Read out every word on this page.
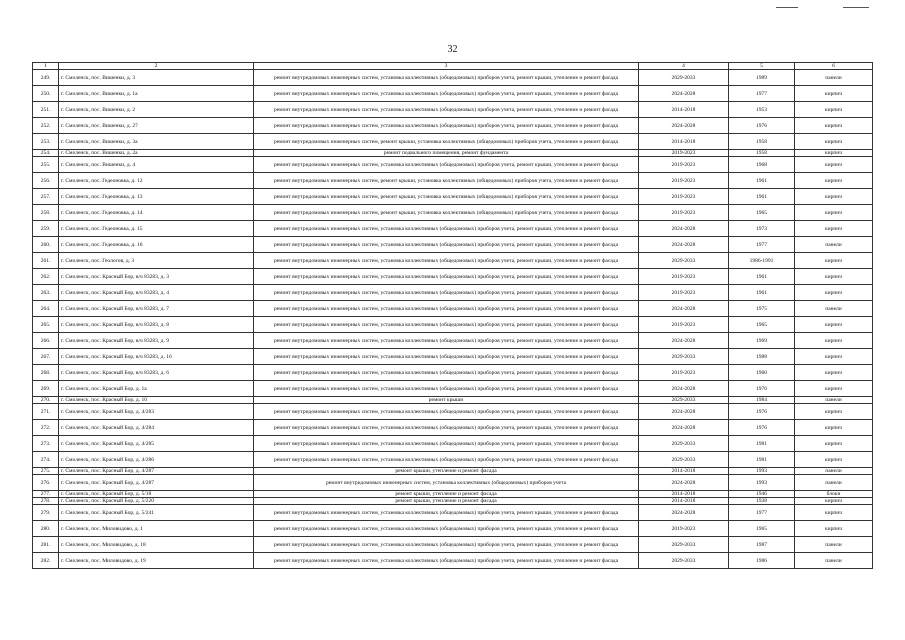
32
1	2	3	4	5	6
249.	г. Смоленск, пос. Вишенки, д. 3	ремонт внутридомовых инженерных систем, установка коллективных (общедомовых) приборов учета, ремонт крыши, утепление и ремонт фасада	2029-2033	1989	панели
250.	г. Смоленск, пос. Вишенки, д. 1а	ремонт внутридомовых инженерных систем, установка коллективных (общедомовых) приборов учета, ремонт крыши, утепление и ремонт фасада	2024-2028	1977	кирпич
251.	г. Смоленск, пос. Вишенки, д. 2	ремонт внутридомовых инженерных систем, установка коллективных (общедомовых) приборов учета, ремонт крыши, утепление и ремонт фасада	2014-2018	1953	кирпич
252.	г. Смоленск, пос. Вишенки, д. 27	ремонт внутридомовых инженерных систем, установка коллективных (общедомовых) приборов учета, ремонт крыши, утепление и ремонт фасада	2024-2028	1976	кирпич
253.	г. Смоленск, пос. Вишенки, д. 3а	ремонт внутридомовых инженерных систем, ремонт крыши, установка коллективных (общедомовых) приборов учета, утепление и ремонт фасада	2014-2018	1958	кирпич
254.	г. Смоленск, пос. Вишенки, д. 2а	ремонт подвального помещения, ремонт фундамента	2019-2023	1958	кирпич
255.	г. Смоленск, пос. Вишенки, д. 4	ремонт внутридомовых инженерных систем, установка коллективных (общедомовых) приборов учета, ремонт крыши, утепление и ремонт фасада	2019-2023	1968	кирпич
256.	г. Смоленск, пос. Гедеоновка, д. 12	ремонт внутридомовых инженерных систем, ремонт крыши, установка коллективных (общедомовых) приборов учета, утепление и ремонт фасада	2019-2023	1961	кирпич
257.	г. Смоленск, пос. Гедеоновка, д. 13	ремонт внутридомовых инженерных систем, ремонт крыши, установка коллективных (общедомовых) приборов учета, утепление и ремонт фасада	2019-2023	1961	кирпич
258.	г. Смоленск, пос. Гедеоновка, д. 14	ремонт внутридомовых инженерных систем, ремонт крыши, установка коллективных (общедомовых) приборов учета, утепление и ремонт фасада	2019-2023	1965	кирпич
259.	г. Смоленск, пос. Гедеоновка, д. 15	ремонт внутридомовых инженерных систем, установка коллективных (общедомовых) приборов учета, ремонт крыши, утепление и ремонт фасада	2024-2028	1973	кирпич
260.	г. Смоленск, пос. Гедеоновка, д. 16	ремонт внутридомовых инженерных систем, установка коллективных (общедомовых) приборов учета, ремонт крыши, утепление и ремонт фасада	2024-2028	1977	панели
261.	г. Смоленск, пос. Геологов, д. 3	ремонт внутридомовых инженерных систем, установка коллективных (общедомовых) приборов учета, ремонт крыши, утепление и ремонт фасада	2029-2033	1986-1991	кирпич
262.	г. Смоленск, пос. Красный Бор, в/ч 83283, д. 3	ремонт внутридомовых инженерных систем, установка коллективных (общедомовых) приборов учета, ремонт крыши, утепление и ремонт фасада	2019-2023	1961	кирпич
263.	г. Смоленск, пос. Красный Бор, в/ч 83283, д. 4	ремонт внутридомовых инженерных систем, установка коллективных (общедомовых) приборов учета, ремонт крыши, утепление и ремонт фасада	2019-2023	1961	кирпич
264.	г. Смоленск, пос. Красный Бор, в/ч 83283, д. 7	ремонт внутридомовых инженерных систем, установка коллективных (общедомовых) приборов учета, ремонт крыши, утепление и ремонт фасада	2024-2028	1975	панели
265.	г. Смоленск, пос. Красный Бор, в/ч 83283, д. 8	ремонт внутридомовых инженерных систем, установка коллективных (общедомовых) приборов учета, ремонт крыши, утепление и ремонт фасада	2019-2023	1965	кирпич
266.	г. Смоленск, пос. Красный Бор, в/ч 83283, д. 9	ремонт внутридомовых инженерных систем, установка коллективных (общедомовых) приборов учета, ремонт крыши, утепление и ремонт фасада	2024-2028	1969	кирпич
267.	г. Смоленск, пос. Красный Бор, в/ч 83283, д. 16	ремонт внутридомовых инженерных систем, установка коллективных (общедомовых) приборов учета, ремонт крыши, утепление и ремонт фасада	2029-2033	1988	кирпич
268.	г. Смоленск, пос. Красный Бор, в/ч 83283, д. 6	ремонт внутридомовых инженерных систем, установка коллективных (общедомовых) приборов учета, ремонт крыши, утепление и ремонт фасада	2019-2023	1960	кирпич
269.	г. Смоленск, пос. Красный Бор, д. 1а	ремонт внутридомовых инженерных систем, установка коллективных (общедомовых) приборов учета, ремонт крыши, утепление и ремонт фасада	2024-2028	1976	кирпич
270.	г. Смоленск, пос. Красный Бор, д. 10	ремонт крыши	2029-2033	1984	панели
271.	г. Смоленск, пос. Красный Бор, д. 4/283	ремонт внутридомовых инженерных систем, установка коллективных (общедомовых) приборов учета, ремонт крыши, утепление и ремонт фасада	2024-2028	1976	кирпич
272.	г. Смоленск, пос. Красный Бор, д. 4/284	ремонт внутридомовых инженерных систем, установка коллективных (общедомовых) приборов учета, ремонт крыши, утепление и ремонт фасада	2024-2028	1976	кирпич
273.	г. Смоленск, пос. Красный Бор, д. 4/285	ремонт внутридомовых инженерных систем, установка коллективных (общедомовых) приборов учета, ремонт крыши, утепление и ремонт фасада	2029-2033	1981	кирпич
274.	г. Смоленск, пос. Красный Бор, д. 4/286	ремонт внутридомовых инженерных систем, установка коллективных (общедомовых) приборов учета, ремонт крыши, утепление и ремонт фасада	2029-2033	1981	кирпич
275.	г. Смоленск, пос. Красный Бор, д. 4/287	ремонт крыши, утепление и ремонт фасада	2014-2018	1993	панели
276.	г. Смоленск, пос. Красный Бор, д. 4/287	ремонт внутридомовых инженерных систем, установка коллективных (общедомовых) приборов учета	2024-2028	1993	панели
277.	г. Смоленск, пос. Красный Бор, д. 5/18	ремонт крыши, утепление и ремонт фасада	2014-2018	1946	блоки
278.	г. Смоленск, пос. Красный Бор, д. 5/220	ремонт крыши, утепление и ремонт фасада	2014-2018	1938	кирпич
279.	г. Смоленск, пос. Красный Бор, д. 5/241	ремонт внутридомовых инженерных систем, установка коллективных (общедомовых) приборов учета, ремонт крыши, утепление и ремонт фасада	2024-2028	1977	кирпич
280.	г. Смоленск, пос. Миловидово, д. 1	ремонт внутридомовых инженерных систем, установка коллективных (общедомовых) приборов учета, ремонт крыши, утепление и ремонт фасада	2019-2023	1965	кирпич
281.	г. Смоленск, пос. Миловидово, д. 18	ремонт внутридомовых инженерных систем, установка коллективных (общедомовых) приборов учета, ремонт крыши, утепление и ремонт фасада	2029-2033	1987	панели
282.	г. Смоленск, пос. Миловидово, д. 19	ремонт внутридомовых инженерных систем, установка коллективных (общедомовых) приборов учета, ремонт крыши, утепление и ремонт фасада	2029-2033	1986	панели
